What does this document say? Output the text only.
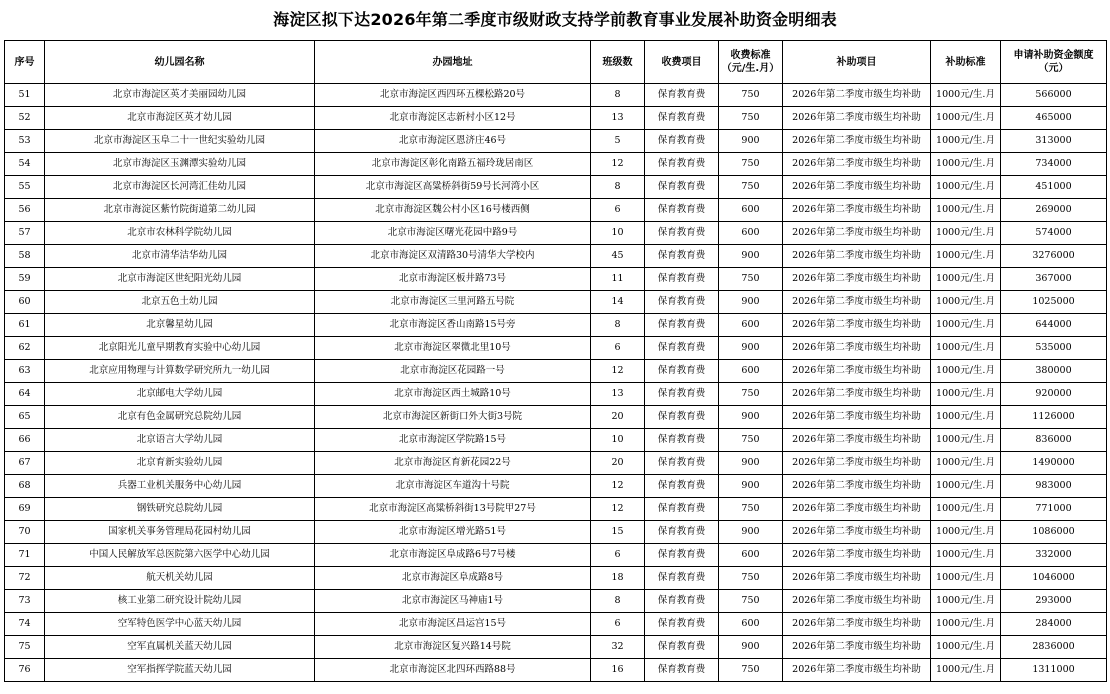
海淀区拟下达2026年第二季度市级财政支持学前教育事业发展补助资金明细表
序号	幼儿园名称	办园地址	班级数	收费项目	收费标准（元/生.月）	补助项目	补助标准	申请补助资金额度（元）
51	北京市海淀区英才美丽园幼儿园	北京市海淀区西四环五棵松路20号	8	保育教育费	750	2026年第二季度市级生均补助	1000元/生.月	566000
52	北京市海淀区英才幼儿园	北京市海淀区志新村小区12号	13	保育教育费	750	2026年第二季度市级生均补助	1000元/生.月	465000
53	北京市海淀区玉阜二十一世纪实验幼儿园	北京市海淀区恩济庄46号	5	保育教育费	900	2026年第二季度市级生均补助	1000元/生.月	313000
54	北京市海淀区玉渊潭实验幼儿园	北京市海淀区彰化南路五福玲珑居南区	12	保育教育费	750	2026年第二季度市级生均补助	1000元/生.月	734000
55	北京市海淀区长河湾汇佳幼儿园	北京市海淀区高粱桥斜街59号长河湾小区	8	保育教育费	750	2026年第二季度市级生均补助	1000元/生.月	451000
56	北京市海淀区紫竹院街道第二幼儿园	北京市海淀区魏公村小区16号楼西侧	6	保育教育费	600	2026年第二季度市级生均补助	1000元/生.月	269000
57	北京市农林科学院幼儿园	北京市海淀区曙光花园中路9号	10	保育教育费	600	2026年第二季度市级生均补助	1000元/生.月	574000
58	北京市清华洁华幼儿园	北京市海淀区双清路30号清华大学校内	45	保育教育费	900	2026年第二季度市级生均补助	1000元/生.月	3276000
59	北京市海淀区世纪阳光幼儿园	北京市海淀区板井路73号	11	保育教育费	750	2026年第二季度市级生均补助	1000元/生.月	367000
60	北京五色土幼儿园	北京市海淀区三里河路五号院	14	保育教育费	900	2026年第二季度市级生均补助	1000元/生.月	1025000
61	北京馨星幼儿园	北京市海淀区香山南路15号旁	8	保育教育费	600	2026年第二季度市级生均补助	1000元/生.月	644000
62	北京阳光儿童早期教育实验中心幼儿园	北京市海淀区翠微北里10号	6	保育教育费	900	2026年第二季度市级生均补助	1000元/生.月	535000
63	北京应用物理与计算数学研究所九一幼儿园	北京市海淀区花园路一号	12	保育教育费	600	2026年第二季度市级生均补助	1000元/生.月	380000
64	北京邮电大学幼儿园	北京市海淀区西土城路10号	13	保育教育费	750	2026年第二季度市级生均补助	1000元/生.月	920000
65	北京有色金属研究总院幼儿园	北京市海淀区新街口外大街3号院	20	保育教育费	900	2026年第二季度市级生均补助	1000元/生.月	1126000
66	北京语言大学幼儿园	北京市海淀区学院路15号	10	保育教育费	750	2026年第二季度市级生均补助	1000元/生.月	836000
67	北京育新实验幼儿园	北京市海淀区育新花园22号	20	保育教育费	900	2026年第二季度市级生均补助	1000元/生.月	1490000
68	兵器工业机关服务中心幼儿园	北京市海淀区车道沟十号院	12	保育教育费	900	2026年第二季度市级生均补助	1000元/生.月	983000
69	钢铁研究总院幼儿园	北京市海淀区高粱桥斜街13号院甲27号	12	保育教育费	750	2026年第二季度市级生均补助	1000元/生.月	771000
70	国家机关事务管理局花园村幼儿园	北京市海淀区增光路51号	15	保育教育费	900	2026年第二季度市级生均补助	1000元/生.月	1086000
71	中国人民解放军总医院第六医学中心幼儿园	北京市海淀区阜成路6号7号楼	6	保育教育费	600	2026年第二季度市级生均补助	1000元/生.月	332000
72	航天机关幼儿园	北京市海淀区阜成路8号	18	保育教育费	750	2026年第二季度市级生均补助	1000元/生.月	1046000
73	核工业第二研究设计院幼儿园	北京市海淀区马神庙1号	8	保育教育费	750	2026年第二季度市级生均补助	1000元/生.月	293000
74	空军特色医学中心蓝天幼儿园	北京市海淀区昌运宫15号	6	保育教育费	600	2026年第二季度市级生均补助	1000元/生.月	284000
75	空军直属机关蓝天幼儿园	北京市海淀区复兴路14号院	32	保育教育费	900	2026年第二季度市级生均补助	1000元/生.月	2836000
76	空军指挥学院蓝天幼儿园	北京市海淀区北四环西路88号	16	保育教育费	750	2026年第二季度市级生均补助	1000元/生.月	1311000
